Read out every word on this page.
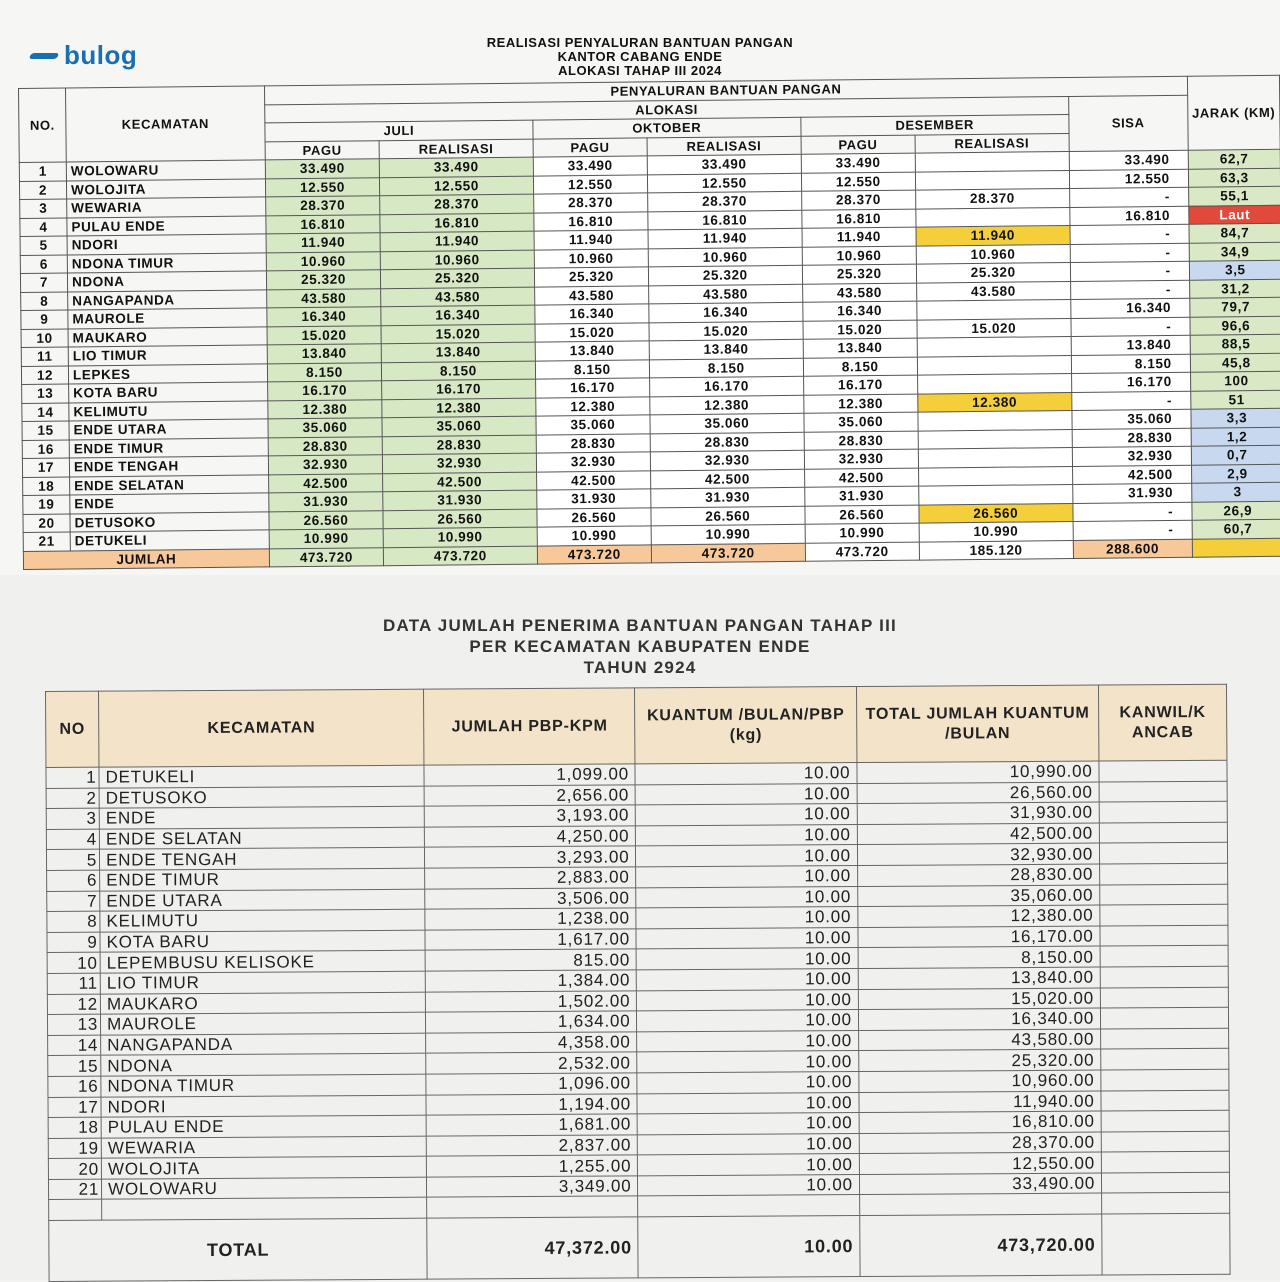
bulog	REALISASI PENYALURAN BANTUAN PANGAN
KANTOR CABANG ENDE
ALOKASI TAHAP III 2024
NO.	KECAMATAN	PENYALURAN BANTUAN PANGAN							JARAK (KM)
		ALOKASI						SISA	
		JULI		OKTOBER		DESEMBER			
		PAGU	REALISASI	PAGU	REALISASI	PAGU	REALISASI		
1	WOLOWARU	33.490	33.490	33.490	33.490	33.490		33.490	62,7
2	WOLOJITA	12.550	12.550	12.550	12.550	12.550		12.550	63,3
3	WEWARIA	28.370	28.370	28.370	28.370	28.370	28.370	-	55,1
4	PULAU ENDE	16.810	16.810	16.810	16.810	16.810		16.810	Laut
5	NDORI	11.940	11.940	11.940	11.940	11.940	11.940	-	84,7
6	NDONA TIMUR	10.960	10.960	10.960	10.960	10.960	10.960	-	34,9
7	NDONA	25.320	25.320	25.320	25.320	25.320	25.320	-	3,5
8	NANGAPANDA	43.580	43.580	43.580	43.580	43.580	43.580	-	31,2
9	MAUROLE	16.340	16.340	16.340	16.340	16.340		16.340	79,7
10	MAUKARO	15.020	15.020	15.020	15.020	15.020	15.020	-	96,6
11	LIO TIMUR	13.840	13.840	13.840	13.840	13.840		13.840	88,5
12	LEPKES	8.150	8.150	8.150	8.150	8.150		8.150	45,8
13	KOTA BARU	16.170	16.170	16.170	16.170	16.170		16.170	100
14	KELIMUTU	12.380	12.380	12.380	12.380	12.380	12.380	-	51
15	ENDE UTARA	35.060	35.060	35.060	35.060	35.060		35.060	3,3
16	ENDE TIMUR	28.830	28.830	28.830	28.830	28.830		28.830	1,2
17	ENDE TENGAH	32.930	32.930	32.930	32.930	32.930		32.930	0,7
18	ENDE SELATAN	42.500	42.500	42.500	42.500	42.500		42.500	2,9
19	ENDE	31.930	31.930	31.930	31.930	31.930		31.930	3
20	DETUSOKO	26.560	26.560	26.560	26.560	26.560	26.560	-	26,9
21	DETUKELI	10.990	10.990	10.990	10.990	10.990	10.990	-	60,7
JUMLAH		473.720	473.720	473.720	473.720	473.720	185.120	288.600	
DATA JUMLAH PENERIMA BANTUAN PANGAN TAHAP III
PER KECAMATAN KABUPATEN ENDE
TAHUN 2924
NO	KECAMATAN	JUMLAH PBP-KPM	KUANTUM /BULAN/PBP (kg)	TOTAL JUMLAH KUANTUM /BULAN	KANWIL/K ANCAB
1	DETUKELI	1,099.00	10.00	10,990.00	
2	DETUSOKO	2,656.00	10.00	26,560.00	
3	ENDE	3,193.00	10.00	31,930.00	
4	ENDE SELATAN	4,250.00	10.00	42,500.00	
5	ENDE TENGAH	3,293.00	10.00	32,930.00	
6	ENDE TIMUR	2,883.00	10.00	28,830.00	
7	ENDE UTARA	3,506.00	10.00	35,060.00	
8	KELIMUTU	1,238.00	10.00	12,380.00	
9	KOTA BARU	1,617.00	10.00	16,170.00	
10	LEPEMBUSU KELISOKE	815.00	10.00	8,150.00	
11	LIO TIMUR	1,384.00	10.00	13,840.00	
12	MAUKARO	1,502.00	10.00	15,020.00	
13	MAUROLE	1,634.00	10.00	16,340.00	
14	NANGAPANDA	4,358.00	10.00	43,580.00	
15	NDONA	2,532.00	10.00	25,320.00	
16	NDONA TIMUR	1,096.00	10.00	10,960.00	
17	NDORI	1,194.00	10.00	11,940.00	
18	PULAU ENDE	1,681.00	10.00	16,810.00	
19	WEWARIA	2,837.00	10.00	28,370.00	
20	WOLOJITA	1,255.00	10.00	12,550.00	
21	WOLOWARU	3,349.00	10.00	33,490.00	

TOTAL		47,372.00	10.00	473,720.00	
